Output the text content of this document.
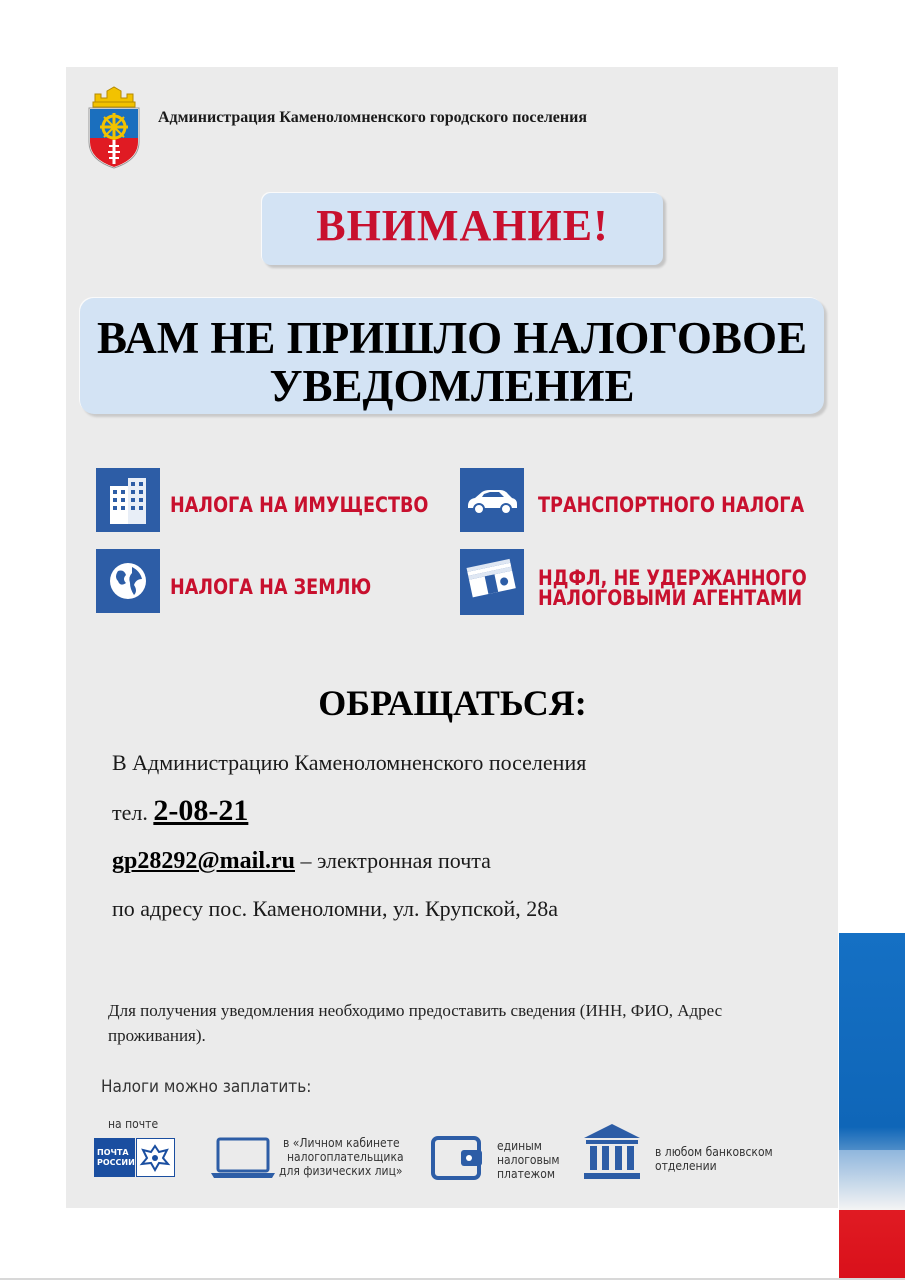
Администрация Каменоломненского городского поселения
ВНИМАНИЕ!
ВАМ НЕ ПРИШЛО НАЛОГОВОЕ
УВЕДОМЛЕНИЕ
НАЛОГА НА ИМУЩЕСТВО	ТРАНСПОРТНОГО НАЛОГА
НАЛОГА НА ЗЕМЛЮ	НДФЛ, НЕ УДЕРЖАННОГО
НАЛОГОВЫМИ АГЕНТАМИ
ОБРАЩАТЬСЯ:
В Администрацию Каменоломненского поселения
тел. 2-08-21
gp28292@mail.ru – электронная почта
по адресу пос. Каменоломни, ул. Крупской, 28а
Для получения уведомления необходимо предоставить сведения (ИНН, ФИО, Адрес проживания).
Налоги можно заплатить:
на почте
ПОЧТА
РОССИИ
в «Личном кабинете
налогоплательщика
для физических лиц»
единым
налоговым
платежом
в любом банковском
отделении
